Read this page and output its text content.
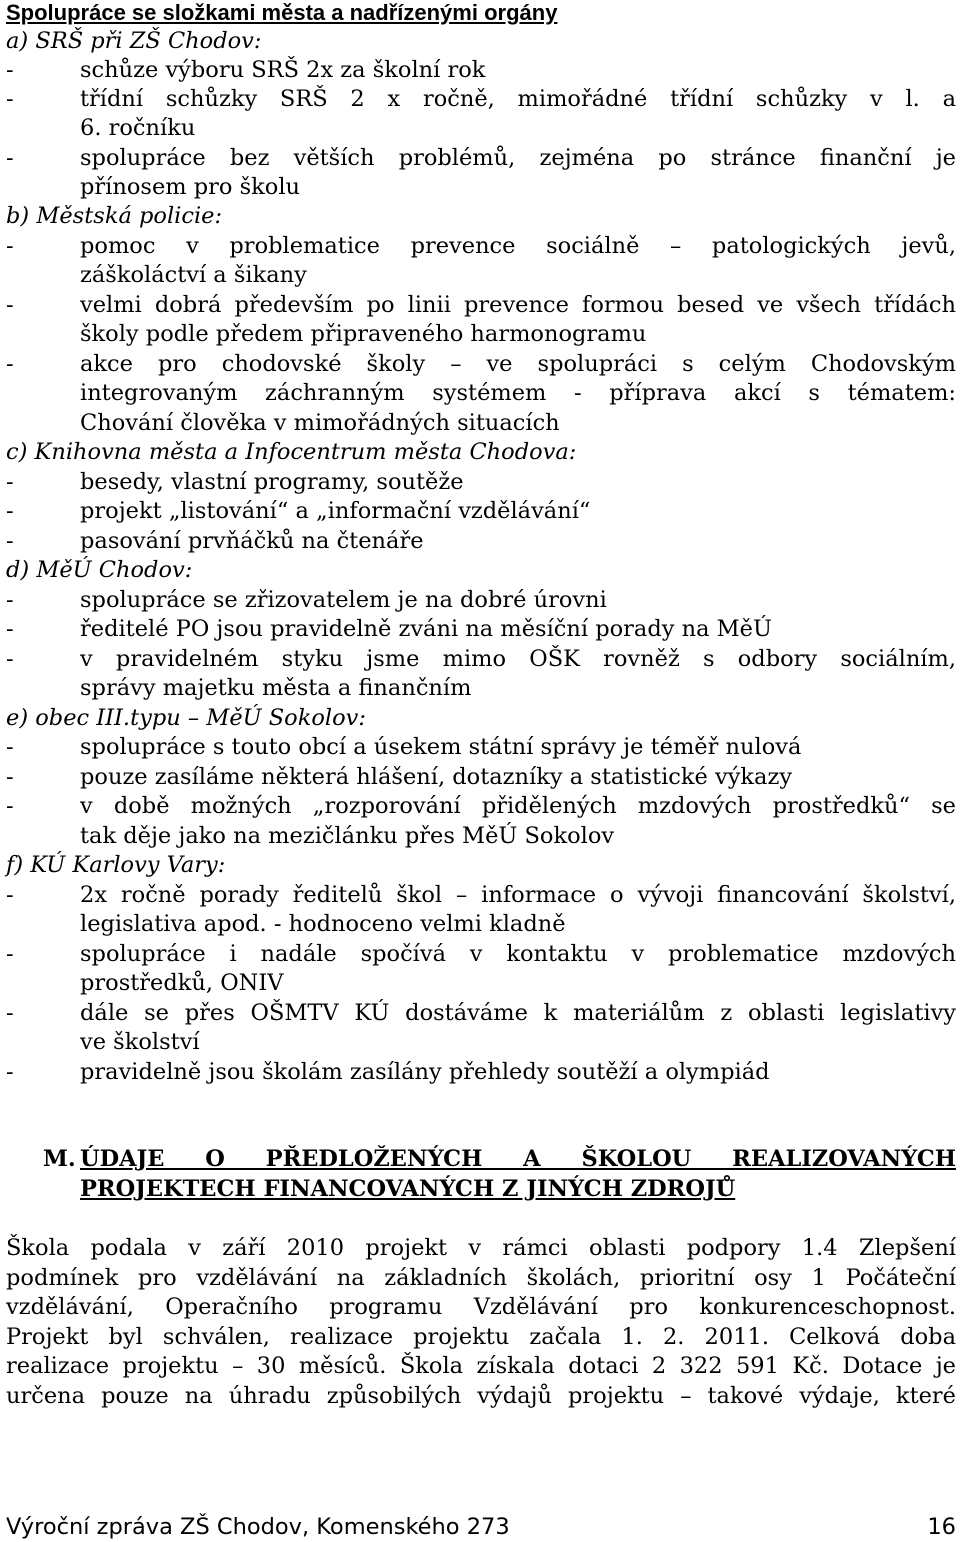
Spolupráce se složkami města a nadřízenými orgány
a) SRŠ při ZŠ Chodov:
-	schůze výboru SRŠ 2x za školní rok
-	třídní schůzky SRŠ 2 x ročně, mimořádné třídní schůzky v l. a
6. ročníku
-	spolupráce bez větších problémů, zejména po stránce finanční je
přínosem pro školu
b) Městská policie:
-	pomoc v problematice prevence sociálně – patologických jevů,
záškoláctví a šikany
-	velmi dobrá především po linii prevence formou besed ve všech třídách
školy podle předem připraveného harmonogramu
-	akce pro chodovské školy – ve spolupráci s celým Chodovským
integrovaným záchranným systémem - příprava akcí s tématem:
Chování člověka v mimořádných situacích
c) Knihovna města a Infocentrum města Chodova:
-	besedy, vlastní programy, soutěže
-	projekt „listování“ a „informační vzdělávání“
-	pasování prvňáčků na čtenáře
d) MěÚ Chodov:
-	spolupráce se zřizovatelem je na dobré úrovni
-	ředitelé PO jsou pravidelně zváni na měsíční porady na MěÚ
-	v pravidelném styku jsme mimo OŠK rovněž s odbory sociálním,
správy majetku města a finančním
e) obec III.typu – MěÚ Sokolov:
-	spolupráce s touto obcí a úsekem státní správy je téměř nulová
-	pouze zasíláme některá hlášení, dotazníky a statistické výkazy
-	v době možných „rozporování přidělených mzdových prostředků“ se
tak děje jako na mezičlánku přes MěÚ Sokolov
f) KÚ Karlovy Vary:
-	2x ročně porady ředitelů škol – informace o vývoji financování školství,
legislativa apod. - hodnoceno velmi kladně
-	spolupráce i nadále spočívá v kontaktu v problematice mzdových
prostředků, ONIV
-	dále se přes OŠMTV KÚ dostáváme k materiálům z oblasti legislativy
ve školství
-	pravidelně jsou školám zasílány přehledy soutěží a olympiád
M. ÚDAJE O PŘEDLOŽENÝCH A ŠKOLOU REALIZOVANÝCH
PROJEKTECH FINANCOVANÝCH Z JINÝCH ZDROJŮ
Škola podala v září 2010 projekt v rámci oblasti podpory 1.4 Zlepšení
podmínek pro vzdělávání na základních školách, prioritní osy 1 Počáteční
vzdělávání, Operačního programu Vzdělávání pro konkurenceschopnost.
Projekt byl schválen, realizace projektu začala 1. 2. 2011. Celková doba
realizace projektu – 30 měsíců. Škola získala dotaci 2 322 591 Kč. Dotace je
určena pouze na úhradu způsobilých výdajů projektu – takové výdaje, které
Výroční zpráva ZŠ Chodov, Komenského 273	16
